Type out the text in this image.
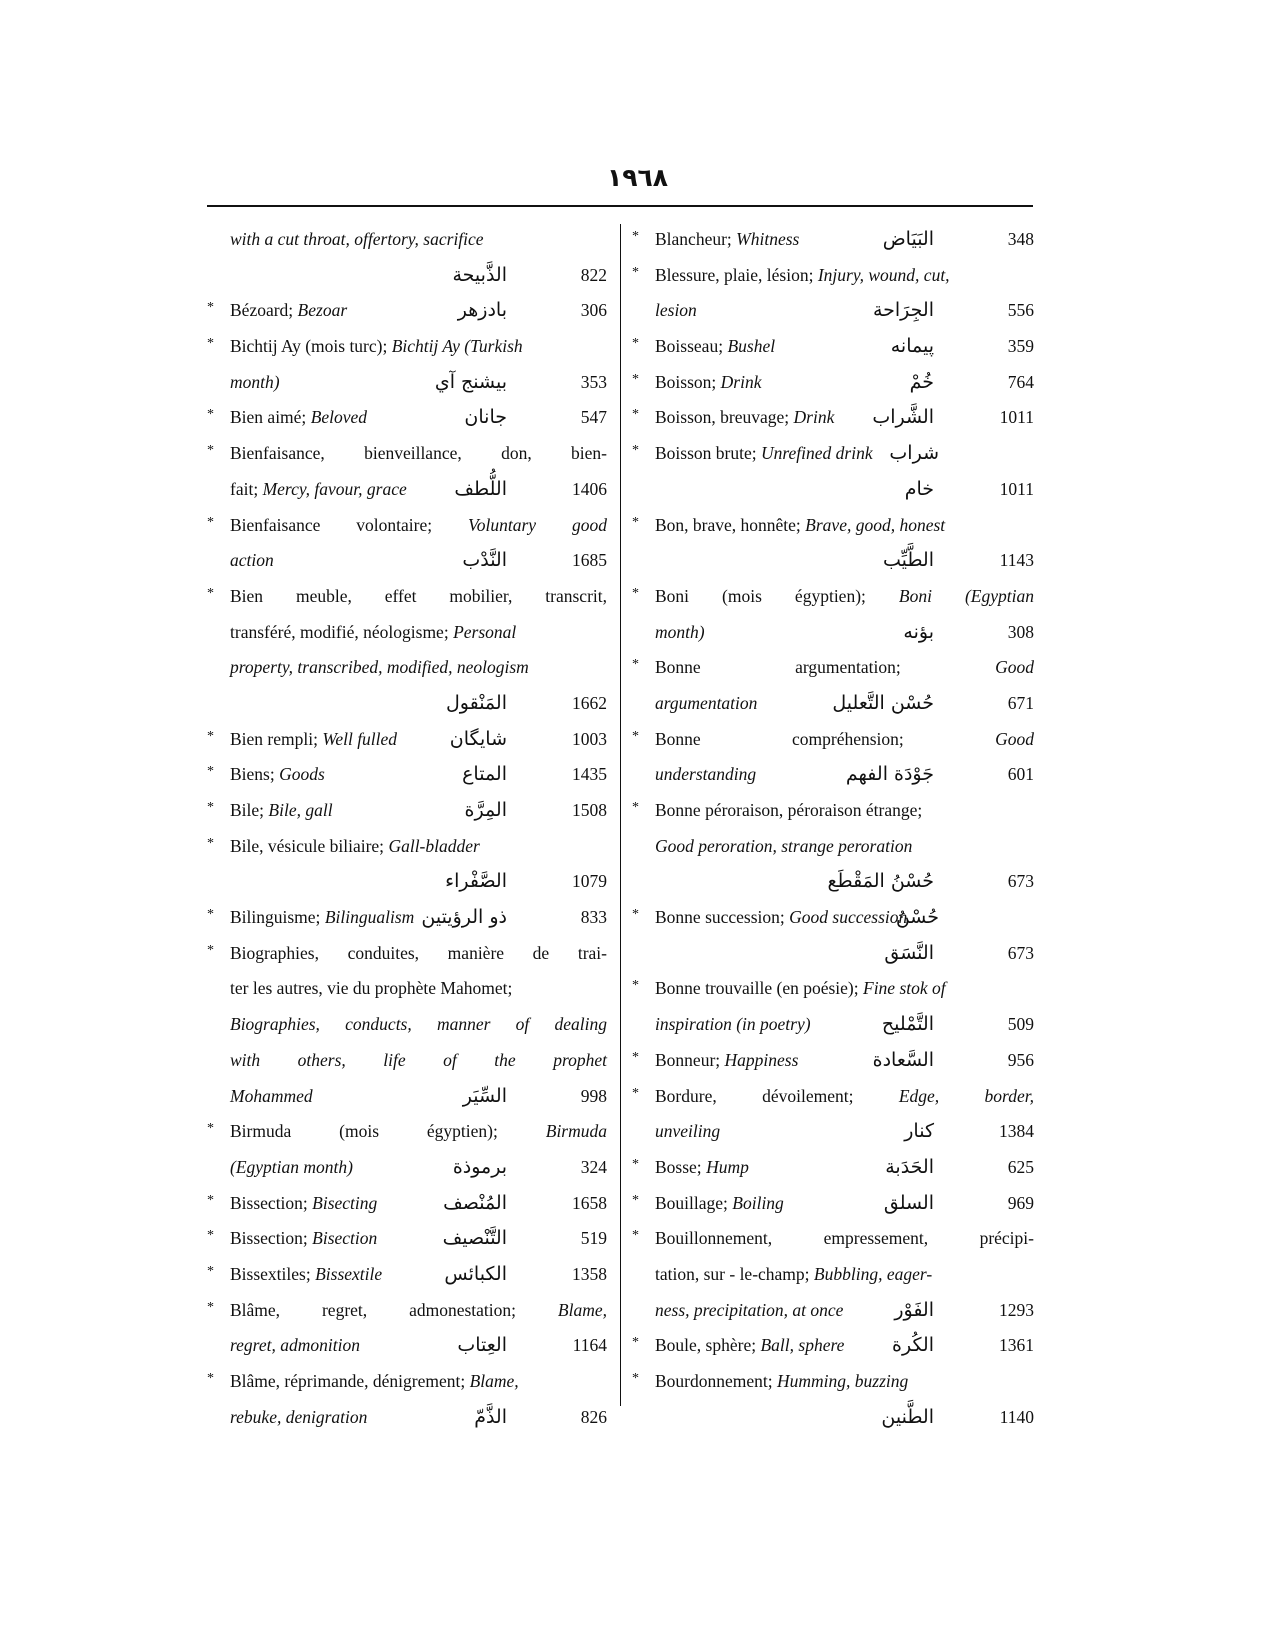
١٩٦٨
with a cut throat, offertory, sacrifice
الذَّبيحة	822
* Bézoard; Bezoar	بادزهر	306
* Bichtij Ay (mois turc); Bichtij Ay (Turkish
month)	بيشنج آي	353
* Bien aimé; Beloved	جانان	547
* Bienfaisance, bienveillance, don, bien-
fait; Mercy, favour, grace	اللُّطف	1406
* Bienfaisance volontaire; Voluntary good
action	النَّدْب	1685
* Bien meuble, effet mobilier, transcrit,
transféré, modifié, néologisme; Personal
property, transcribed, modified, neologism
المَنْقول	1662
* Bien rempli; Well fulled	شايگان	1003
* Biens; Goods	المتاع	1435
* Bile; Bile, gall	المِرَّة	1508
* Bile, vésicule biliaire; Gall-bladder
الصَّفْراء	1079
* Bilinguisme; Bilingualism ذو الرؤيتين	833
* Biographies, conduites, manière de trai-
ter les autres, vie du prophète Mahomet;
Biographies, conducts, manner of dealing
with others, life of the prophet
Mohammed	السِّيَر	998
* Birmuda (mois égyptien); Birmuda
(Egyptian month)	برموذة	324
* Bissection; Bisecting	المُنْصف	1658
* Bissection; Bisection	التَّنْصيف	519
* Bissextiles; Bissextile	الكبائس	1358
* Blâme, regret, admonestation; Blame,
regret, admonition	العِتاب	1164
* Blâme, réprimande, dénigrement; Blame,
rebuke, denigration	الذَّمّ	826
* Blancheur; Whitness	البَيَاض	348
* Blessure, plaie, lésion; Injury, wound, cut,
lesion	الجِرَاحة	556
* Boisseau; Bushel	پيمانه	359
* Boisson; Drink	خُمْ	764
* Boisson, breuvage; Drink	الشَّراب	1011
* Boisson brute; Unrefined drink شراب
خام	1011
* Bon, brave, honnête; Brave, good, honest
الطَّيِّب	1143
* Boni (mois égyptien); Boni (Egyptian
month)	بؤنه	308
* Bonne argumentation; Good
argumentation	حُسْن التَّعليل	671
* Bonne compréhension; Good
understanding	جَوْدَة الفهم	601
* Bonne péroraison, péroraison étrange;
Good peroration, strange peroration
حُسْنُ المَقْطَع	673
* Bonne succession; Good succession
حُسْنُ
النَّسَق	673
* Bonne trouvaille (en poésie); Fine stok of
inspiration (in poetry)	التَّمْليح	509
* Bonneur; Happiness	السَّعادة	956
* Bordure, dévoilement; Edge, border,
unveiling	كنار	1384
* Bosse; Hump	الحَدَبة	625
* Bouillage; Boiling	السلق	969
* Bouillonnement, empressement, précipi-
tation, sur - le-champ; Bubbling, eager-
ness, precipitation, at once	الفَوْر	1293
* Boule, sphère; Ball, sphere	الكُرة	1361
* Bourdonnement; Humming, buzzing
الطَّنين	1140
